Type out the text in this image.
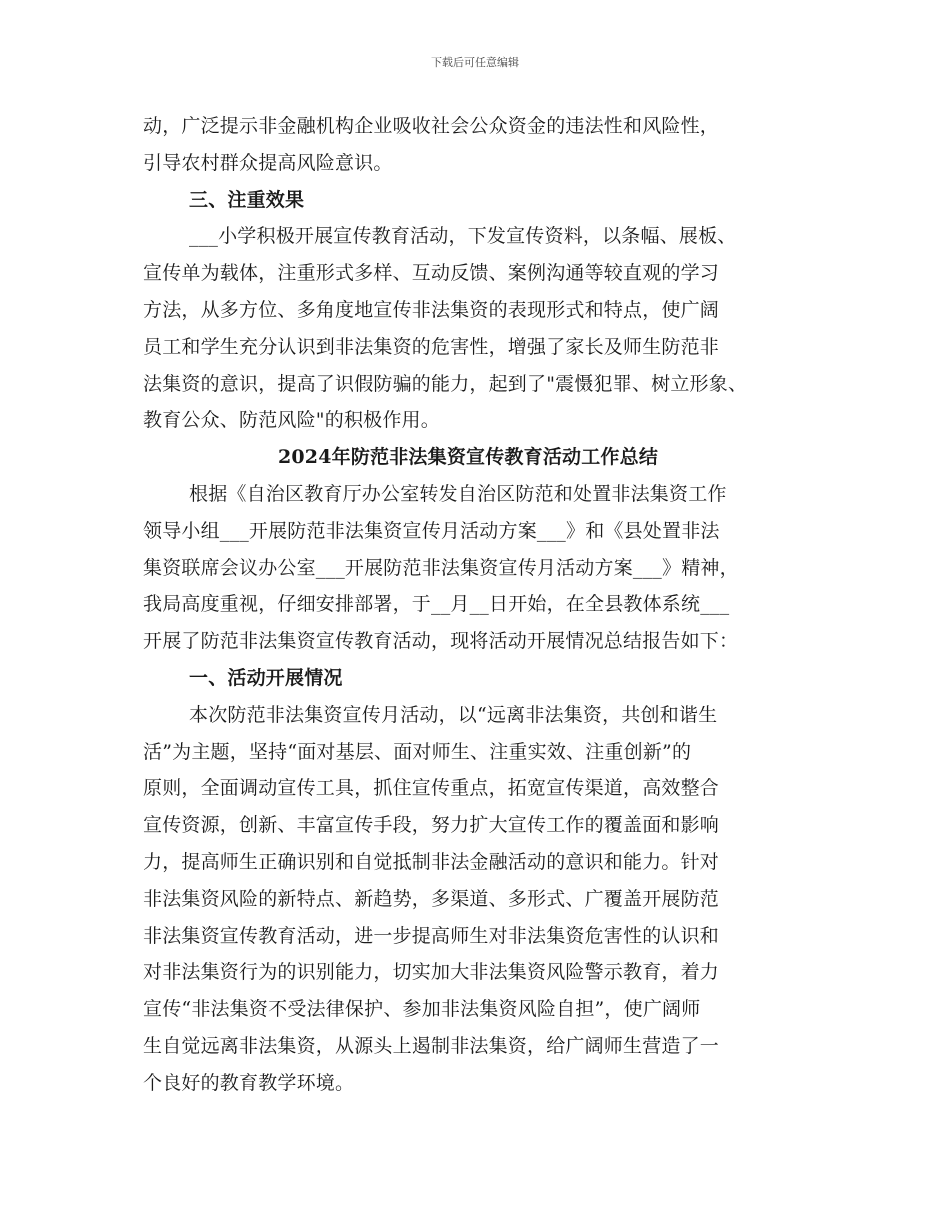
下载后可任意编辑
动，广泛提示非金融机构企业吸收社会公众资金的违法性和风险性，
引导农村群众提高风险意识。
三、注重效果
___小学积极开展宣传教育活动，下发宣传资料，以条幅、展板、
宣传单为载体，注重形式多样、互动反馈、案例沟通等较直观的学习
方法，从多方位、多角度地宣传非法集资的表现形式和特点，使广阔
员工和学生充分认识到非法集资的危害性，增强了家长及师生防范非
法集资的意识，提高了识假防骗的能力，起到了"震慑犯罪、树立形象、
教育公众、防范风险"的积极作用。
2024年防范非法集资宣传教育活动工作总结
根据《自治区教育厅办公室转发自治区防范和处置非法集资工作
领导小组___开展防范非法集资宣传月活动方案___》和《县处置非法
集资联席会议办公室___开展防范非法集资宣传月活动方案___》精神，
我局高度重视，仔细安排部署，于__月__日开始，在全县教体系统___
开展了防范非法集资宣传教育活动，现将活动开展情况总结报告如下：
一、活动开展情况
本次防范非法集资宣传月活动，以“远离非法集资，共创和谐生
活”为主题，坚持“面对基层、面对师生、注重实效、注重创新”的
原则，全面调动宣传工具，抓住宣传重点，拓宽宣传渠道，高效整合
宣传资源，创新、丰富宣传手段，努力扩大宣传工作的覆盖面和影响
力，提高师生正确识别和自觉抵制非法金融活动的意识和能力。针对
非法集资风险的新特点、新趋势，多渠道、多形式、广覆盖开展防范
非法集资宣传教育活动，进一步提高师生对非法集资危害性的认识和
对非法集资行为的识别能力，切实加大非法集资风险警示教育，着力
宣传“非法集资不受法律保护、参加非法集资风险自担”，使广阔师
生自觉远离非法集资，从源头上遏制非法集资，给广阔师生营造了一
个良好的教育教学环境。
